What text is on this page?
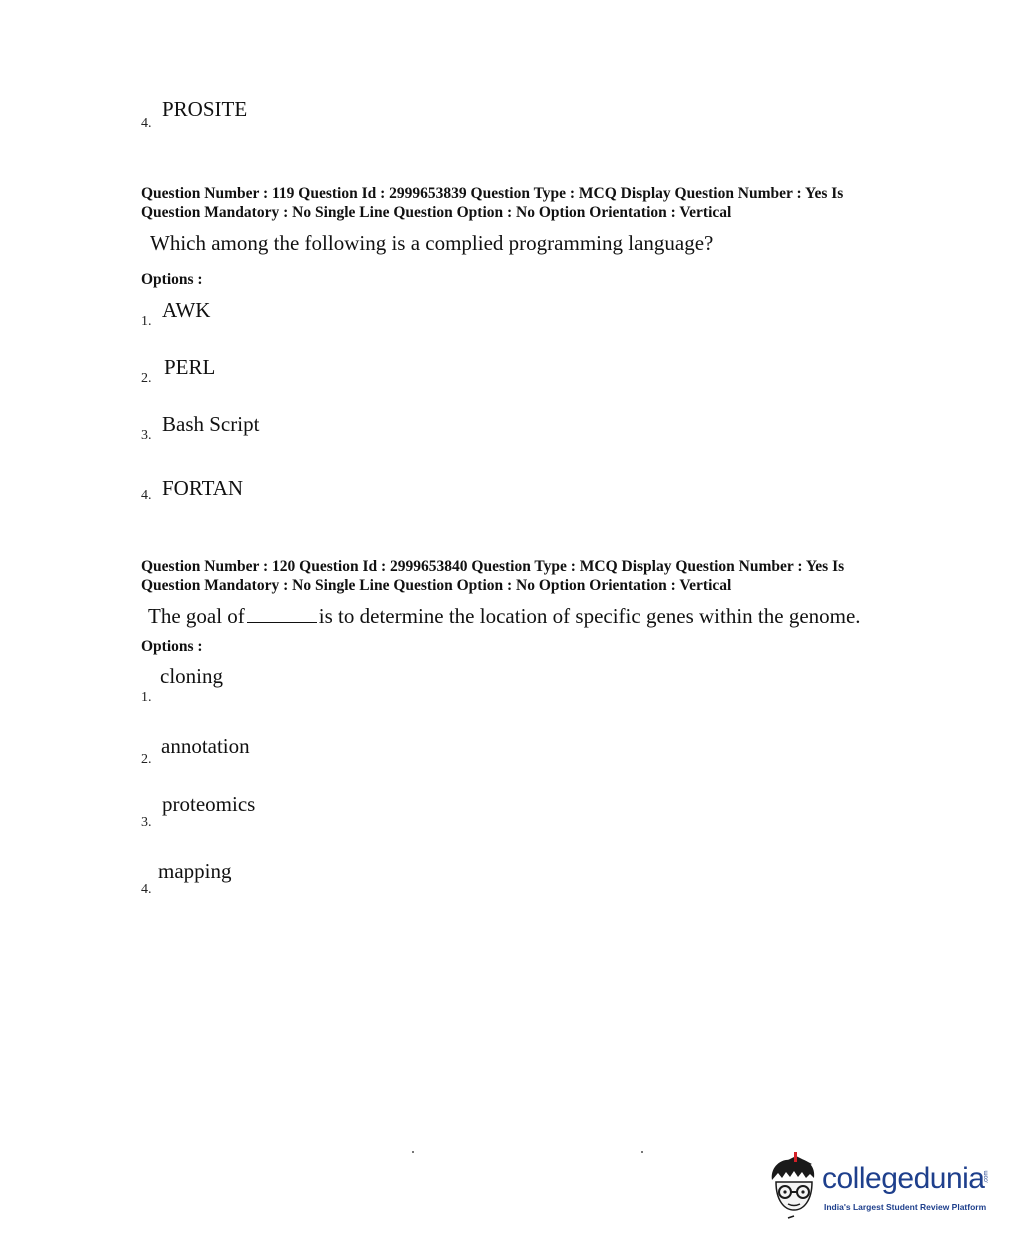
PROSITE
4.
Question Number : 119 Question Id : 2999653839 Question Type : MCQ Display Question Number : Yes Is
Question Mandatory : No Single Line Question Option : No Option Orientation : Vertical
Which among the following is a complied programming language?
Options :
AWK
1.
PERL
2.
Bash Script
3.
FORTAN
4.
Question Number : 120 Question Id : 2999653840 Question Type : MCQ Display Question Number : Yes Is
Question Mandatory : No Single Line Question Option : No Option Orientation : Vertical
The goal of	is to determine the location of specific genes within the genome.
Options :
cloning
1.
annotation
2.
proteomics
3.
mapping
4.
collegedunia .com
India's Largest Student Review Platform
